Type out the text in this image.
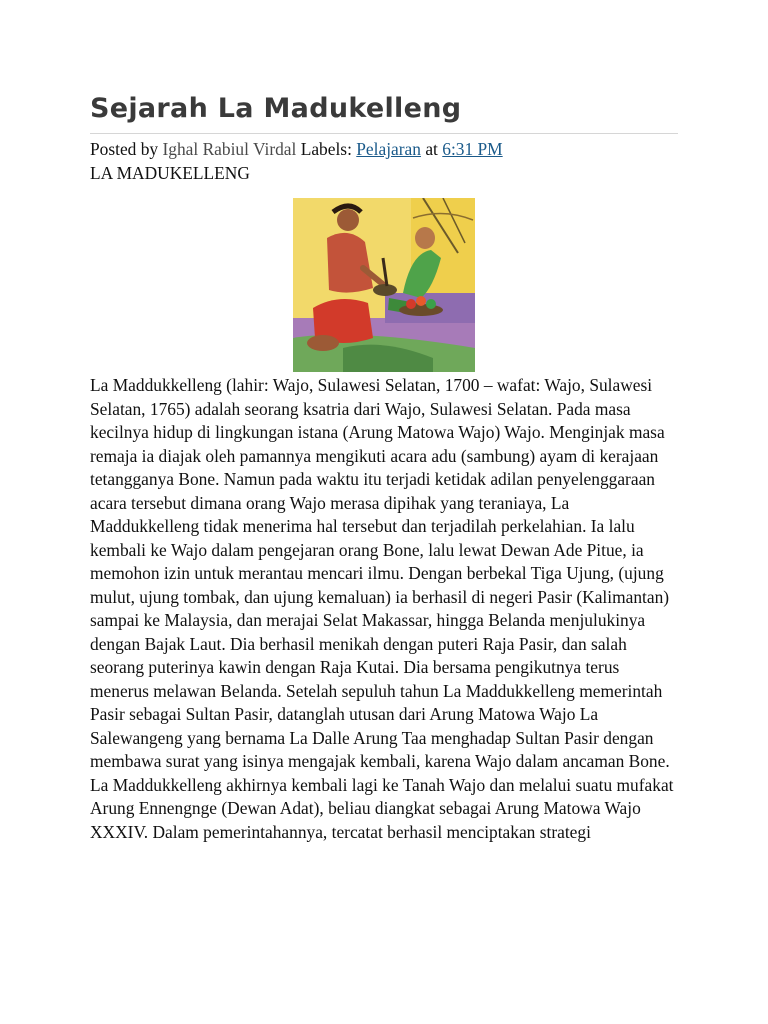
Sejarah La Madukelleng
Posted by Ighal Rabiul Virdal Labels: Pelajaran at 6:31 PM
LA MADUKELLENG
La Maddukkelleng (lahir: Wajo, Sulawesi Selatan, 1700 – wafat: Wajo, Sulawesi Selatan, 1765) adalah seorang ksatria dari Wajo, Sulawesi Selatan. Pada masa kecilnya hidup di lingkungan istana (Arung Matowa Wajo) Wajo. Menginjak masa remaja ia diajak oleh pamannya mengikuti acara adu (sambung) ayam di kerajaan tetangganya Bone. Namun pada waktu itu terjadi ketidak adilan penyelenggaraan acara tersebut dimana orang Wajo merasa dipihak yang teraniaya, La Maddukkelleng tidak menerima hal tersebut dan terjadilah perkelahian. Ia lalu kembali ke Wajo dalam pengejaran orang Bone, lalu lewat Dewan Ade Pitue, ia memohon izin untuk merantau mencari ilmu. Dengan berbekal Tiga Ujung, (ujung mulut, ujung tombak, dan ujung kemaluan) ia berhasil di negeri Pasir (Kalimantan) sampai ke Malaysia, dan merajai Selat Makassar, hingga Belanda menjulukinya dengan Bajak Laut. Dia berhasil menikah dengan puteri Raja Pasir, dan salah seorang puterinya kawin dengan Raja Kutai. Dia bersama pengikutnya terus menerus melawan Belanda. Setelah sepuluh tahun La Maddukkelleng memerintah Pasir sebagai Sultan Pasir, datanglah utusan dari Arung Matowa Wajo La Salewangeng yang bernama La Dalle Arung Taa menghadap Sultan Pasir dengan membawa surat yang isinya mengajak kembali, karena Wajo dalam ancaman Bone. La Maddukkelleng akhirnya kembali lagi ke Tanah Wajo dan melalui suatu mufakat Arung Ennengnge (Dewan Adat), beliau diangkat sebagai Arung Matowa Wajo XXXIV. Dalam pemerintahannya, tercatat berhasil menciptakan strategi
